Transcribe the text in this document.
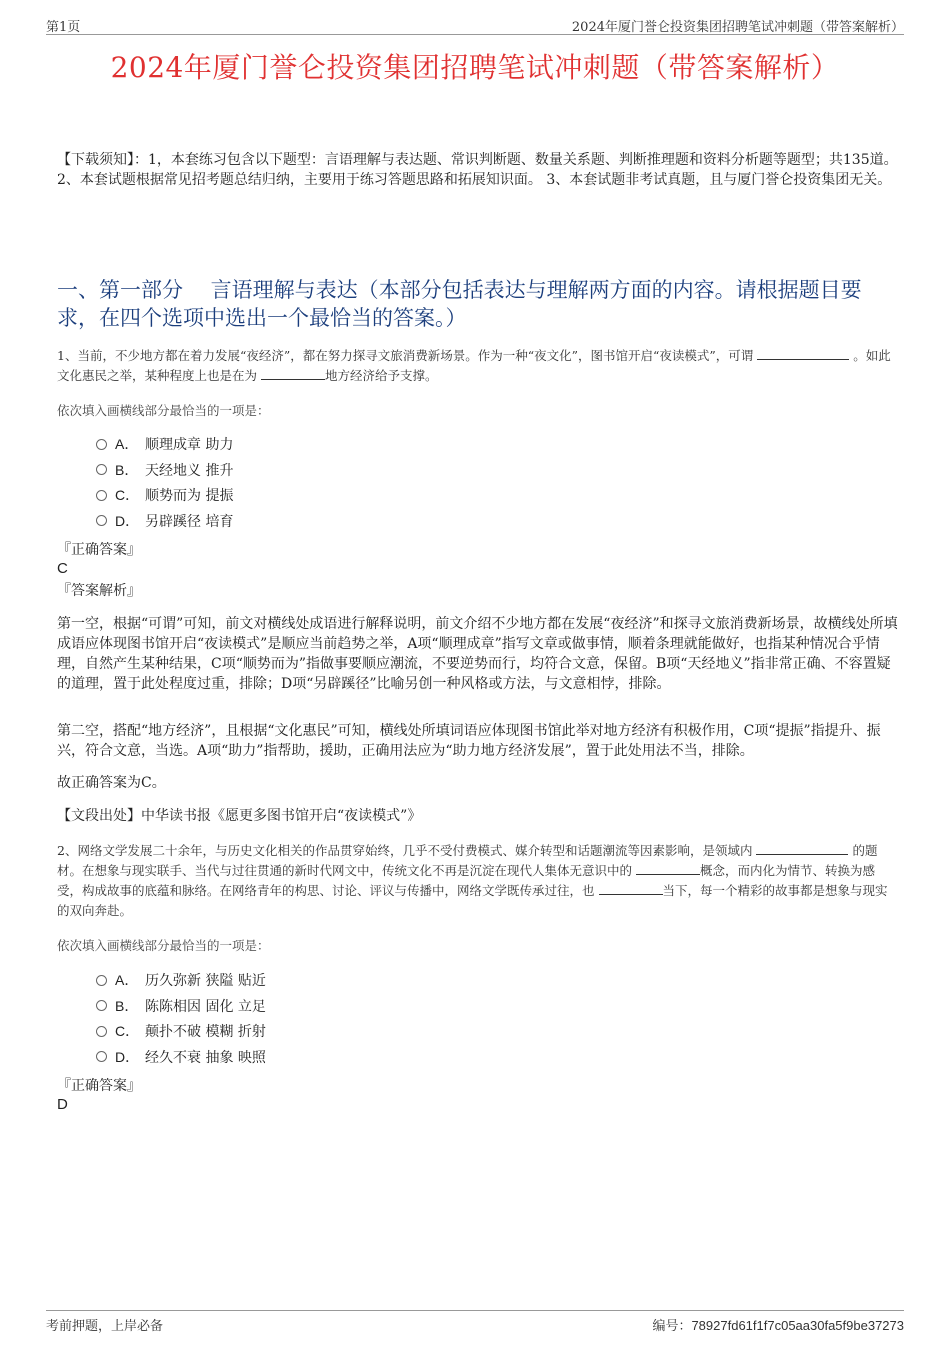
第1页	2024年厦门誉仑投资集团招聘笔试冲刺题（带答案解析）
2024年厦门誉仑投资集团招聘笔试冲刺题（带答案解析）
【下载须知】：1，本套练习包含以下题型：言语理解与表达题、常识判断题、数量关系题、判断推理题和资料分析题等题型；共135道。 2、本套试题根据常见招考题总结归纳，主要用于练习答题思路和拓展知识面。 3、本套试题非考试真题，且与厦门誉仑投资集团无关。
一、第一部分　 言语理解与表达（本部分包括表达与理解两方面的内容。请根据题目要求，在四个选项中选出一个最恰当的答案。）
1、当前，不少地方都在着力发展“夜经济”，都在努力探寻文旅消费新场景。作为一种“夜文化”，图书馆开启“夜读模式”，可谓	。如此文化惠民之举，某种程度上也是在为	地方经济给予支撑。
依次填入画横线部分最恰当的一项是：
A． 顺理成章 助力
B． 天经地义 推升
C． 顺势而为 提振
D． 另辟蹊径 培育
『正确答案』
C
『答案解析』
第一空，根据“可谓”可知，前文对横线处成语进行解释说明，前文介绍不少地方都在发展“夜经济”和探寻文旅消费新场景，故横线处所填成语应体现图书馆开启“夜读模式”是顺应当前趋势之举，A项“顺理成章”指写文章或做事情，顺着条理就能做好，也指某种情况合乎情理，自然产生某种结果，C项“顺势而为”指做事要顺应潮流，不要逆势而行，均符合文意，保留。B项“天经地义”指非常正确、不容置疑的道理，置于此处程度过重，排除；D项“另辟蹊径”比喻另创一种风格或方法，与文意相悖，排除。
第二空，搭配“地方经济”，且根据“文化惠民”可知，横线处所填词语应体现图书馆此举对地方经济有积极作用，C项“提振”指提升、振兴，符合文意，当选。A项“助力”指帮助，援助，正确用法应为“助力地方经济发展”，置于此处用法不当，排除。
故正确答案为C。
【文段出处】中华读书报《愿更多图书馆开启“夜读模式”》
2、网络文学发展二十余年，与历史文化相关的作品贯穿始终，几乎不受付费模式、媒介转型和话题潮流等因素影响，是领域内	的题材。在想象与现实联手、当代与过往贯通的新时代网文中，传统文化不再是沉淀在现代人集体无意识中的	概念，而内化为情节、转换为感受，构成故事的底蕴和脉络。在网络青年的构思、讨论、评议与传播中，网络文学既传承过往，也	当下，每一个精彩的故事都是想象与现实的双向奔赴。
依次填入画横线部分最恰当的一项是：
A． 历久弥新 狭隘 贴近
B． 陈陈相因 固化 立足
C． 颠扑不破 模糊 折射
D． 经久不衰 抽象 映照
『正确答案』
D
考前押题，上岸必备	编号：78927fd61f1f7c05aa30fa5f9be37273
